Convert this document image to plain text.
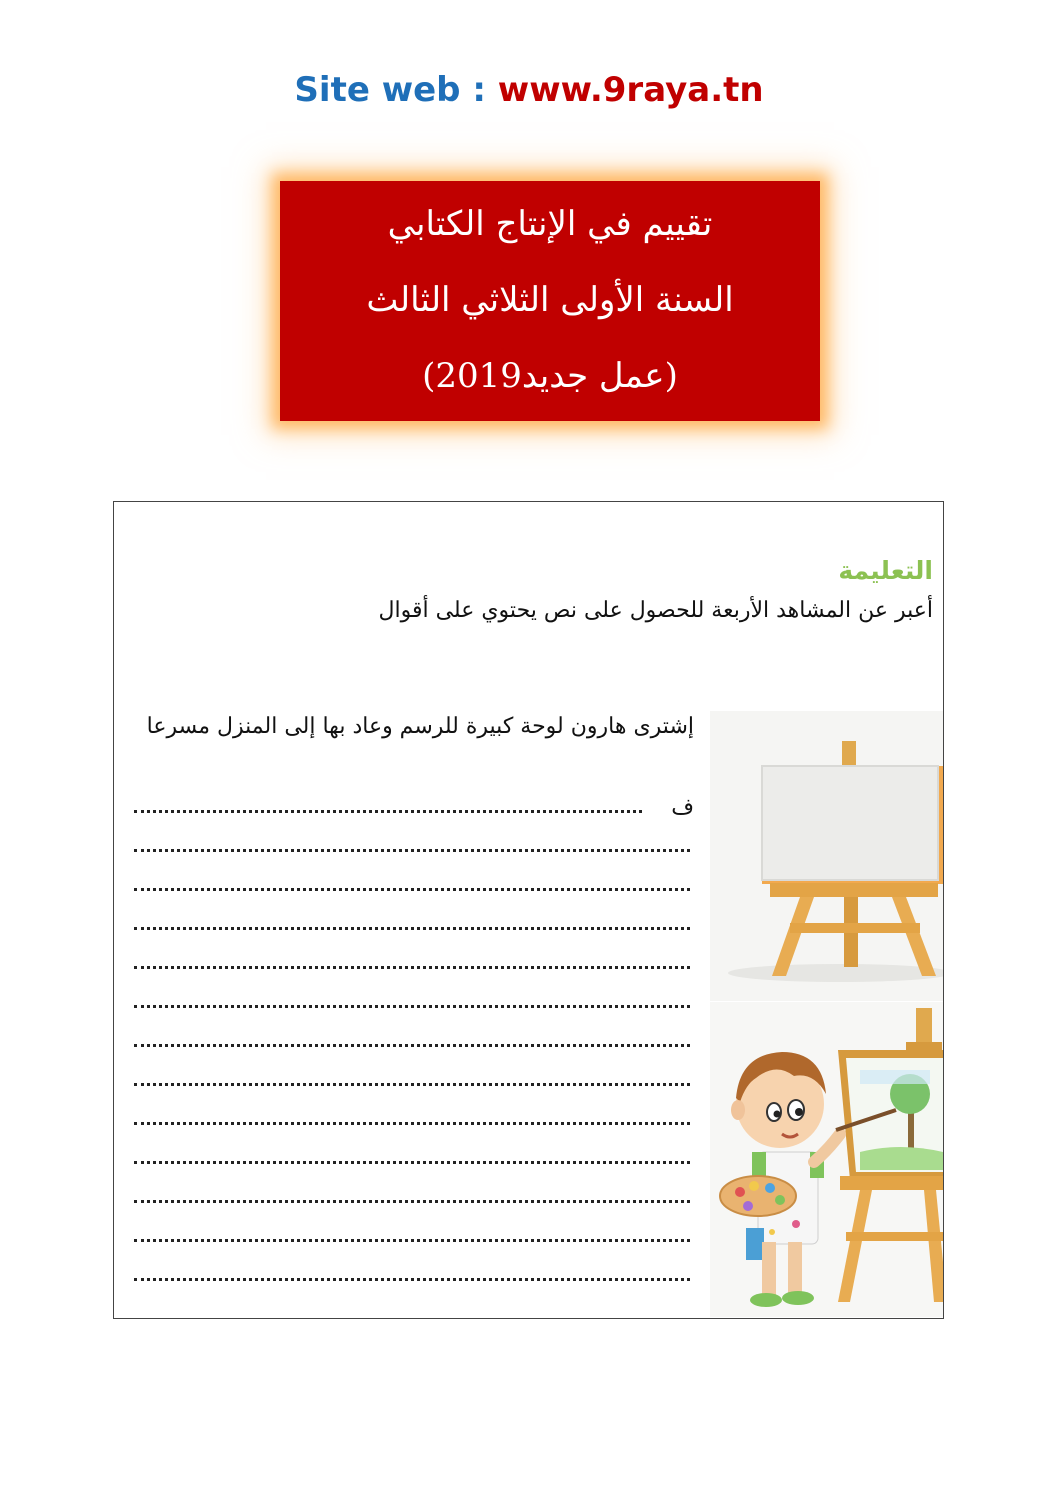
Site web : www.9raya.tn
تقييم في الإنتاج الكتابي
السنة الأولى الثلاثي الثالث
(عمل جديد2019)
التعليمة
أعبر عن المشاهد الأربعة للحصول على نص يحتوي على أقوال
إشترى هارون لوحة كبيرة للرسم وعاد بها إلى المنزل مسرعا
ف
